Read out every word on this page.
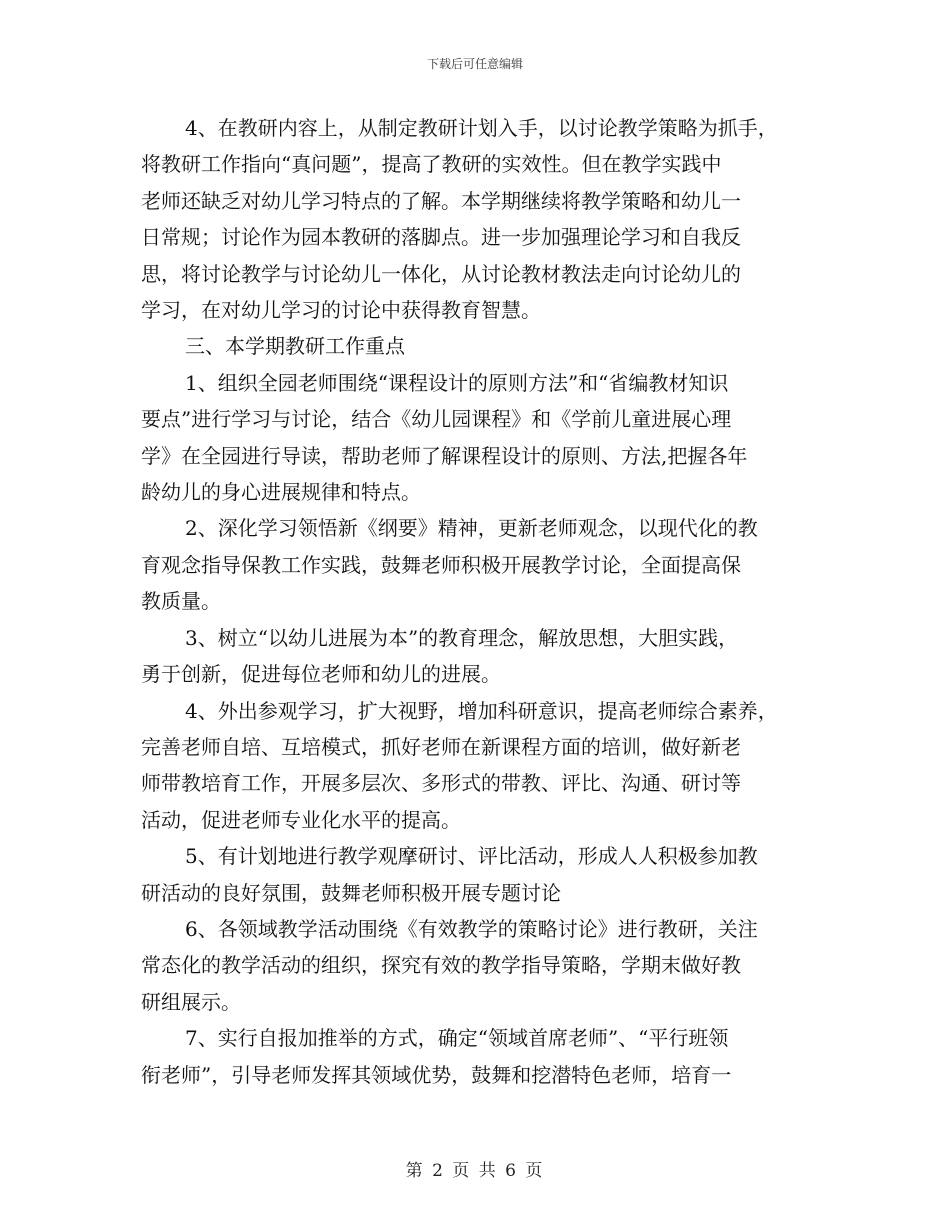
下载后可任意编辑
4、在教研内容上，从制定教研计划入手，以讨论教学策略为抓手，
将教研工作指向“真问题”，提高了教研的实效性。但在教学实践中
老师还缺乏对幼儿学习特点的了解。本学期继续将教学策略和幼儿一
日常规；讨论作为园本教研的落脚点。进一步加强理论学习和自我反
思，将讨论教学与讨论幼儿一体化，从讨论教材教法走向讨论幼儿的
学习，在对幼儿学习的讨论中获得教育智慧。
三、本学期教研工作重点
1、组织全园老师围绕“课程设计的原则方法”和“省编教材知识
要点”进行学习与讨论，结合《幼儿园课程》和《学前儿童进展心理
学》在全园进行导读，帮助老师了解课程设计的原则、方法,把握各年
龄幼儿的身心进展规律和特点。
2、深化学习领悟新《纲要》精神，更新老师观念，以现代化的教
育观念指导保教工作实践，鼓舞老师积极开展教学讨论，全面提高保
教质量。
3、树立“以幼儿进展为本”的教育理念，解放思想，大胆实践，
勇于创新，促进每位老师和幼儿的进展。
4、外出参观学习，扩大视野，增加科研意识，提高老师综合素养，
完善老师自培、互培模式，抓好老师在新课程方面的培训，做好新老
师带教培育工作，开展多层次、多形式的带教、评比、沟通、研讨等
活动，促进老师专业化水平的提高。
5、有计划地进行教学观摩研讨、评比活动，形成人人积极参加教
研活动的良好氛围，鼓舞老师积极开展专题讨论
6、各领域教学活动围绕《有效教学的策略讨论》进行教研，关注
常态化的教学活动的组织，探究有效的教学指导策略，学期末做好教
研组展示。
7、实行自报加推举的方式，确定“领域首席老师”、“平行班领
衔老师”，引导老师发挥其领域优势，鼓舞和挖潜特色老师，培育一
第 2 页 共 6 页
